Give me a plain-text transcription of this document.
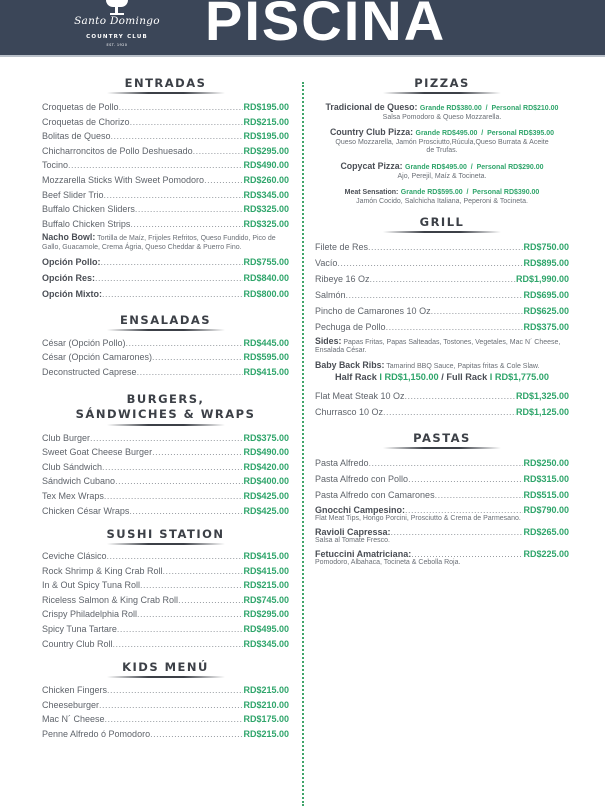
Santo Domingo
COUNTRY CLUB
EST. 1920	PISCINA
ENTRADAS
Croquetas de Pollo .....	RD$195.00
Croquetas de Chorizo .....	RD$215.00
Bolitas de Queso .....	RD$195.00
Chicharroncitos de Pollo Deshuesado .....	RD$295.00
Tocino .....	RD$490.00
Mozzarella Sticks With Sweet Pomodoro .....	RD$260.00
Beef Slider Trio .....	RD$345.00
Buffalo Chicken Sliders .....	RD$325.00
Buffalo Chicken Strips .....	RD$325.00
Nacho Bowl: Tortilla de Maíz, Frijoles Refritos, Queso Fundido, Pico de Gallo, Guacamole, Crema Ágria, Queso Cheddar & Puerro Fino.
Opción Pollo: .....	RD$755.00
Opción Res: .....	RD$840.00
Opción Mixto: .....	RD$800.00
ENSALADAS
César (Opción Pollo) .....	RD$445.00
César (Opción Camarones) .....	RD$595.00
Deconstructed Caprese .....	RD$415.00
BURGERS,
SÁNDWICHES & WRAPS
Club Burger .....	RD$375.00
Sweet Goat Cheese Burger .....	RD$490.00
Club Sándwich .....	RD$420.00
Sándwich Cubano .....	RD$400.00
Tex Mex Wraps .....	RD$425.00
Chicken César Wraps .....	RD$425.00
SUSHI STATION
Ceviche Clásico .....	RD$415.00
Rock Shrimp & King Crab Roll .....	RD$415.00
In & Out Spicy Tuna Roll .....	RD$215.00
Riceless Salmon & King Crab Roll .....	RD$745.00
Crispy Philadelphia Roll .....	RD$295.00
Spicy Tuna Tartare .....	RD$495.00
Country Club Roll .....	RD$345.00
KIDS MENÚ
Chicken Fingers .....	RD$215.00
Cheeseburger .....	RD$210.00
Mac N´ Cheese .....	RD$175.00
Penne Alfredo ó Pomodoro .....	RD$215.00
PIZZAS
Tradicional de Queso: Grande RD$380.00  /  Personal RD$210.00
Salsa Pomodoro & Queso Mozzarella.
Country Club Pizza: Grande RD$495.00  /  Personal RD$395.00
Queso Mozzarella, Jamón Prosciutto,Rúcula,Queso Burrata & Aceite de Trufas.
Copycat Pizza: Grande RD$495.00  /  Personal RD$290.00
Ajo, Perejil, Maíz & Tocineta.
Meat Sensation: Grande RD$595.00  /  Personal RD$390.00
Jamón Cocido, Salchicha Italiana, Peperoni & Tocineta.
GRILL
Filete de Res .....	RD$750.00
Vacío .....	RD$895.00
Ribeye 16 Oz .....	RD$1,990.00
Salmón .....	RD$695.00
Pincho de Camarones 10 Oz .....	RD$625.00
Pechuga de Pollo .....	RD$375.00
Sides: Papas Fritas, Papas Salteadas, Tostones, Vegetales, Mac N´ Cheese, Ensalada César.
Baby Back Ribs: Tamarind BBQ Sauce, Papitas fritas & Cole Slaw.
Half Rack I RD$1,150.00 / Full Rack I RD$1,775.00
Flat Meat Steak 10 Oz .....	RD$1,325.00
Churrasco 10 Oz .....	RD$1,125.00
PASTAS
Pasta Alfredo .....	RD$250.00
Pasta Alfredo con Pollo .....	RD$315.00
Pasta Alfredo con Camarones .....	RD$515.00
Gnocchi Campesino: .....	RD$790.00
Flat Meat Tips, Hongo Porcini, Prosciutto & Crema de Parmesano.
Ravioli Capressa: .....	RD$265.00
Salsa al Tomate Fresco.
Fetuccini Amatriciana: .....	RD$225.00
Pomodoro, Albahaca, Tocineta & Cebolla Roja.
